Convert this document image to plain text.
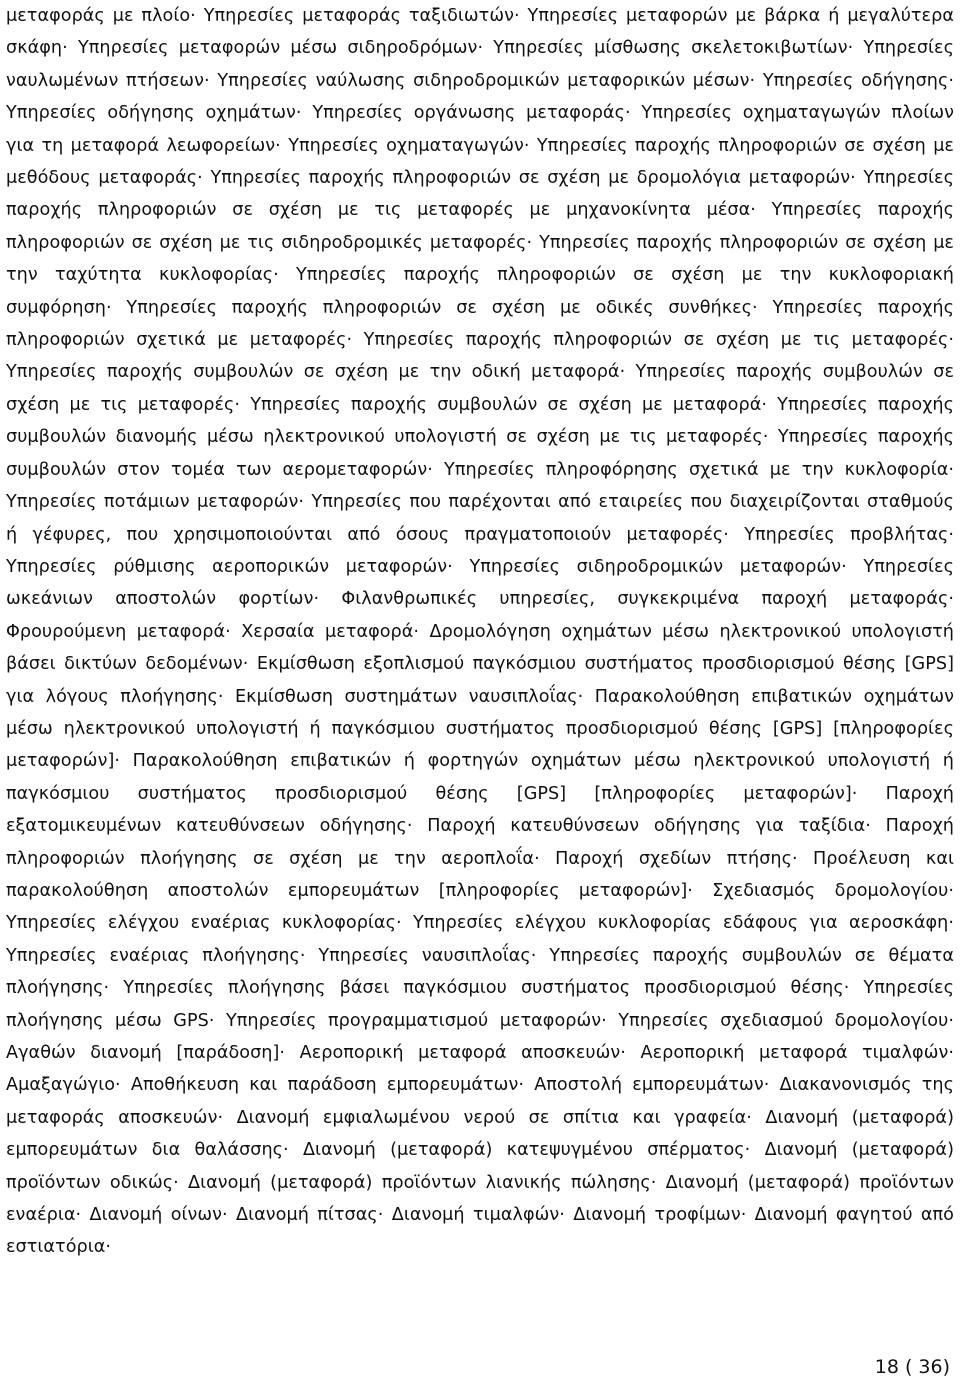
μεταφοράς με πλοίο· Υπηρεσίες μεταφοράς ταξιδιωτών· Υπηρεσίες μεταφορών με βάρκα ή μεγαλύτερα σκάφη· Υπηρεσίες μεταφορών μέσω σιδηροδρόμων· Υπηρεσίες μίσθωσης σκελετοκιβωτίων· Υπηρεσίες ναυλωμένων πτήσεων· Υπηρεσίες ναύλωσης σιδηροδρομικών μεταφορικών μέσων· Υπηρεσίες οδήγησης· Υπηρεσίες οδήγησης οχημάτων· Υπηρεσίες οργάνωσης μεταφοράς· Υπηρεσίες οχηματαγωγών πλοίων για τη μεταφορά λεωφορείων· Υπηρεσίες οχηματαγωγών· Υπηρεσίες παροχής πληροφοριών σε σχέση με μεθόδους μεταφοράς· Υπηρεσίες παροχής πληροφοριών σε σχέση με δρομολόγια μεταφορών· Υπηρεσίες παροχής πληροφοριών σε σχέση με τις μεταφορές με μηχανοκίνητα μέσα· Υπηρεσίες παροχής πληροφοριών σε σχέση με τις σιδηροδρομικές μεταφορές· Υπηρεσίες παροχής πληροφοριών σε σχέση με την ταχύτητα κυκλοφορίας· Υπηρεσίες παροχής πληροφοριών σε σχέση με την κυκλοφοριακή συμφόρηση· Υπηρεσίες παροχής πληροφοριών σε σχέση με οδικές συνθήκες· Υπηρεσίες παροχής πληροφοριών σχετικά με μεταφορές· Υπηρεσίες παροχής πληροφοριών σε σχέση με τις μεταφορές· Υπηρεσίες παροχής συμβουλών σε σχέση με την οδική μεταφορά· Υπηρεσίες παροχής συμβουλών σε σχέση με τις μεταφορές· Υπηρεσίες παροχής συμβουλών σε σχέση με μεταφορά· Υπηρεσίες παροχής συμβουλών διανομής μέσω ηλεκτρονικού υπολογιστή σε σχέση με τις μεταφορές· Υπηρεσίες παροχής συμβουλών στον τομέα των αερομεταφορών· Υπηρεσίες πληροφόρησης σχετικά με την κυκλοφορία· Υπηρεσίες ποτάμιων μεταφορών· Υπηρεσίες που παρέχονται από εταιρείες που διαχειρίζονται σταθμούς ή γέφυρες, που χρησιμοποιούνται από όσους πραγματοποιούν μεταφορές· Υπηρεσίες προβλήτας· Υπηρεσίες ρύθμισης αεροπορικών μεταφορών· Υπηρεσίες σιδηροδρομικών μεταφορών· Υπηρεσίες ωκεάνιων αποστολών φορτίων· Φιλανθρωπικές υπηρεσίες, συγκεκριμένα παροχή μεταφοράς· Φρουρούμενη μεταφορά· Χερσαία μεταφορά· Δρομολόγηση οχημάτων μέσω ηλεκτρονικού υπολογιστή βάσει δικτύων δεδομένων· Εκμίσθωση εξοπλισμού παγκόσμιου συστήματος προσδιορισμού θέσης [GPS] για λόγους πλοήγησης· Εκμίσθωση συστημάτων ναυσιπλοΐας· Παρακολούθηση επιβατικών οχημάτων μέσω ηλεκτρονικού υπολογιστή ή παγκόσμιου συστήματος προσδιορισμού θέσης [GPS] [πληροφορίες μεταφορών]· Παρακολούθηση επιβατικών ή φορτηγών οχημάτων μέσω ηλεκτρονικού υπολογιστή ή παγκόσμιου συστήματος προσδιορισμού θέσης [GPS] [πληροφορίες μεταφορών]· Παροχή εξατομικευμένων κατευθύνσεων οδήγησης· Παροχή κατευθύνσεων οδήγησης για ταξίδια· Παροχή πληροφοριών πλοήγησης σε σχέση με την αεροπλοΐα· Παροχή σχεδίων πτήσης· Προέλευση και παρακολούθηση αποστολών εμπορευμάτων [πληροφορίες μεταφορών]· Σχεδιασμός δρομολογίου· Υπηρεσίες ελέγχου εναέριας κυκλοφορίας· Υπηρεσίες ελέγχου κυκλοφορίας εδάφους για αεροσκάφη· Υπηρεσίες εναέριας πλοήγησης· Υπηρεσίες ναυσιπλοΐας· Υπηρεσίες παροχής συμβουλών σε θέματα πλοήγησης· Υπηρεσίες πλοήγησης βάσει παγκόσμιου συστήματος προσδιορισμού θέσης· Υπηρεσίες πλοήγησης μέσω GPS· Υπηρεσίες προγραμματισμού μεταφορών· Υπηρεσίες σχεδιασμού δρομολογίου· Αγαθών διανομή [παράδοση]· Αεροπορική μεταφορά αποσκευών· Αεροπορική μεταφορά τιμαλφών· Αμαξαγώγιο· Αποθήκευση και παράδοση εμπορευμάτων· Αποστολή εμπορευμάτων· Διακανονισμός της μεταφοράς αποσκευών· Διανομή εμφιαλωμένου νερού σε σπίτια και γραφεία· Διανομή (μεταφορά) εμπορευμάτων δια θαλάσσης· Διανομή (μεταφορά) κατεψυγμένου σπέρματος· Διανομή (μεταφορά) προϊόντων οδικώς· Διανομή (μεταφορά) προϊόντων λιανικής πώλησης· Διανομή (μεταφορά) προϊόντων εναέρια· Διανομή οίνων· Διανομή πίτσας· Διανομή τιμαλφών· Διανομή τροφίμων· Διανομή φαγητού από εστιατόρια·

18 ( 36)
